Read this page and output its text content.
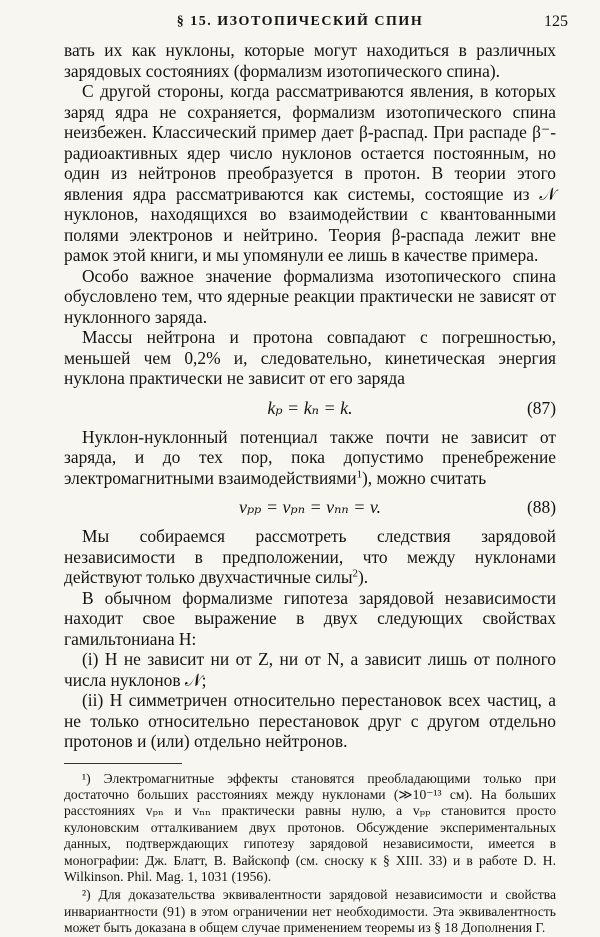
§ 15. ИЗОТОПИЧЕСКИЙ СПИН	125

вать их как нуклоны, которые могут находиться в различных зарядовых состояниях (формализм изотопического спина).

С другой стороны, когда рассматриваются явления, в которых заряд ядра не сохраняется, формализм изотопического спина неизбежен. Классический пример дает β-распад. При распаде β⁻-радиоактивных ядер число нуклонов остается постоянным, но один из нейтронов преобразуется в протон. В теории этого явления ядра рассматриваются как системы, состоящие из 𝒩 нуклонов, находящихся во взаимодействии с квантованными полями электронов и нейтрино. Теория β-распада лежит вне рамок этой книги, и мы упомянули ее лишь в качестве примера.

Особо важное значение формализма изотопического спина обусловлено тем, что ядерные реакции практически не зависят от нуклонного заряда.

Массы нейтрона и протона совпадают с погрешностью, меньшей чем 0,2% и, следовательно, кинетическая энергия нуклона практически не зависит от его заряда

kₚ = kₙ = k.	(87)

Нуклон-нуклонный потенциал также почти не зависит от заряда, и до тех пор, пока допустимо пренебрежение электромагнитными взаимодействиями$^1$), можно считать

vₚₚ = vₚₙ = vₙₙ = v.	(88)

Мы собираемся рассмотреть следствия зарядовой независимости в предположении, что между нуклонами действуют только двухчастичные силы$^2$).

В обычном формализме гипотеза зарядовой независимости находит свое выражение в двух следующих свойствах гамильтониана H:

(i) H не зависит ни от Z, ни от N, а зависит лишь от полного числа нуклонов 𝒩;

(ii) H симметричен относительно перестановок всех частиц, а не только относительно перестановок друг с другом отдельно протонов и (или) отдельно нейтронов.

¹) Электромагнитные эффекты становятся преобладающими только при достаточно больших расстояниях между нуклонами (≫10⁻¹³ см). На больших расстояниях vₚₙ и vₙₙ практически равны нулю, а vₚₚ становится просто кулоновским отталкиванием двух протонов. Обсуждение экспериментальных данных, подтверждающих гипотезу зарядовой независимости, имеется в монографии: Дж. Блатт, В. Вайскопф (см. сноску к § XIII. 33) и в работе D. H. Wilkinson. Phil. Mag. 1, 1031 (1956).

²) Для доказательства эквивалентности зарядовой независимости и свойства инвариантности (91) в этом ограничении нет необходимости. Эта эквивалентность может быть доказана в общем случае применением теоремы из § 18 Дополнения Г.
